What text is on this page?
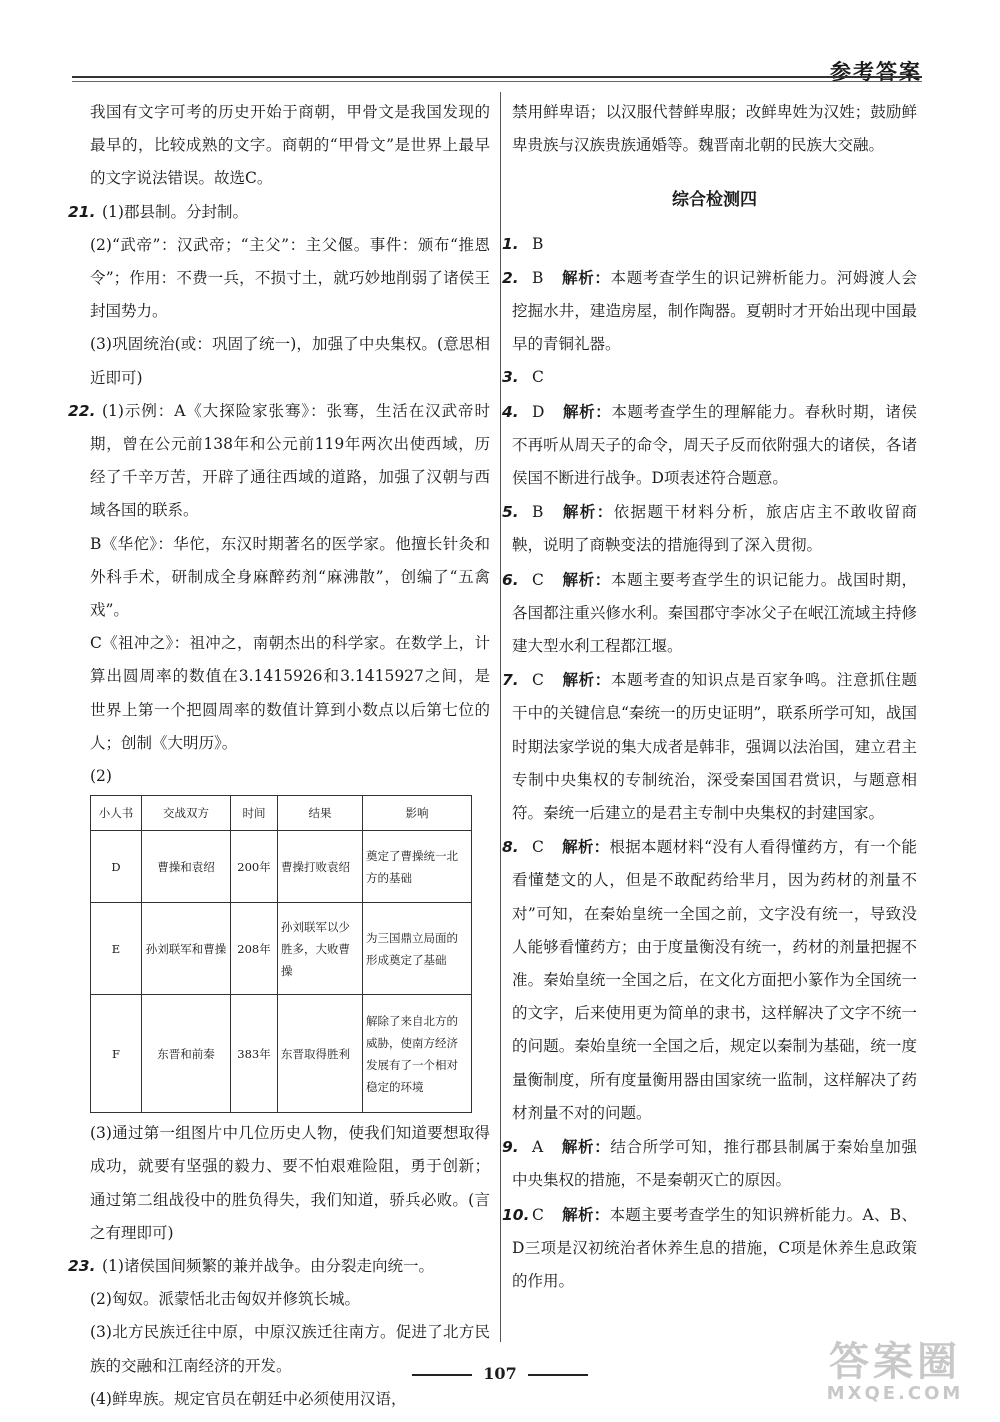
参考答案

我国有文字可考的历史开始于商朝，甲骨文是我国发现的最早的，比较成熟的文字。商朝的“甲骨文”是世界上最早的文字说法错误。故选C。

21. (1)郡县制。分封制。

(2)“武帝”：汉武帝；“主父”：主父偃。事件：颁布“推恩令”；作用：不费一兵，不损寸土，就巧妙地削弱了诸侯王封国势力。

(3)巩固统治(或：巩固了统一)，加强了中央集权。(意思相近即可)

22. (1)示例：A《大探险家张骞》：张骞，生活在汉武帝时期，曾在公元前138年和公元前119年两次出使西域，历经了千辛万苦，开辟了通往西域的道路，加强了汉朝与西域各国的联系。

B《华佗》：华佗，东汉时期著名的医学家。他擅长针灸和外科手术，研制成全身麻醉药剂“麻沸散”，创编了“五禽戏”。

C《祖冲之》：祖冲之，南朝杰出的科学家。在数学上，计算出圆周率的数值在3.1415926和3.1415927之间，是世界上第一个把圆周率的数值计算到小数点以后第七位的人；创制《大明历》。

(2)

小人书	交战双方	时间	结果	影响
D	曹操和袁绍	200年	曹操打败袁绍	奠定了曹操统一北方的基础
E	孙刘联军和曹操	208年	孙刘联军以少胜多，大败曹操	为三国鼎立局面的形成奠定了基础
F	东晋和前秦	383年	东晋取得胜利	解除了来自北方的威胁，使南方经济发展有了一个相对稳定的环境

(3)通过第一组图片中几位历史人物，使我们知道要想取得成功，就要有坚强的毅力、要不怕艰难险阻，勇于创新；通过第二组战役中的胜负得失，我们知道，骄兵必败。(言之有理即可)

23. (1)诸侯国间频繁的兼并战争。由分裂走向统一。

(2)匈奴。派蒙恬北击匈奴并修筑长城。

(3)北方民族迁往中原，中原汉族迁往南方。促进了北方民族的交融和江南经济的开发。

(4)鲜卑族。规定官员在朝廷中必须使用汉语，

禁用鲜卑语；以汉服代替鲜卑服；改鲜卑姓为汉姓；鼓励鲜卑贵族与汉族贵族通婚等。魏晋南北朝的民族大交融。

综合检测四

1. B

2. B 解析：本题考查学生的识记辨析能力。河姆渡人会挖掘水井，建造房屋，制作陶器。夏朝时才开始出现中国最早的青铜礼器。

3. C

4. D 解析：本题考查学生的理解能力。春秋时期，诸侯不再听从周天子的命令，周天子反而依附强大的诸侯，各诸侯国不断进行战争。D项表述符合题意。

5. B 解析：依据题干材料分析，旅店店主不敢收留商鞅，说明了商鞅变法的措施得到了深入贯彻。

6. C 解析：本题主要考查学生的识记能力。战国时期，各国都注重兴修水利。秦国郡守李冰父子在岷江流域主持修建大型水利工程都江堰。

7. C 解析：本题考查的知识点是百家争鸣。注意抓住题干中的关键信息“秦统一的历史证明”，联系所学可知，战国时期法家学说的集大成者是韩非，强调以法治国，建立君主专制中央集权的专制统治，深受秦国国君赏识，与题意相符。秦统一后建立的是君主专制中央集权的封建国家。

8. C 解析：根据本题材料“没有人看得懂药方，有一个能看懂楚文的人，但是不敢配药给芈月，因为药材的剂量不对”可知，在秦始皇统一全国之前，文字没有统一，导致没人能够看懂药方；由于度量衡没有统一，药材的剂量把握不准。秦始皇统一全国之后，在文化方面把小篆作为全国统一的文字，后来使用更为简单的隶书，这样解决了文字不统一的问题。秦始皇统一全国之后，规定以秦制为基础，统一度量衡制度，所有度量衡用器由国家统一监制，这样解决了药材剂量不对的问题。

9. A 解析：结合所学可知，推行郡县制属于秦始皇加强中央集权的措施，不是秦朝灭亡的原因。

10. C 解析：本题主要考查学生的知识辨析能力。A、B、D三项是汉初统治者休养生息的措施，C项是休养生息政策的作用。

107	答案圈
MXQE.COM
